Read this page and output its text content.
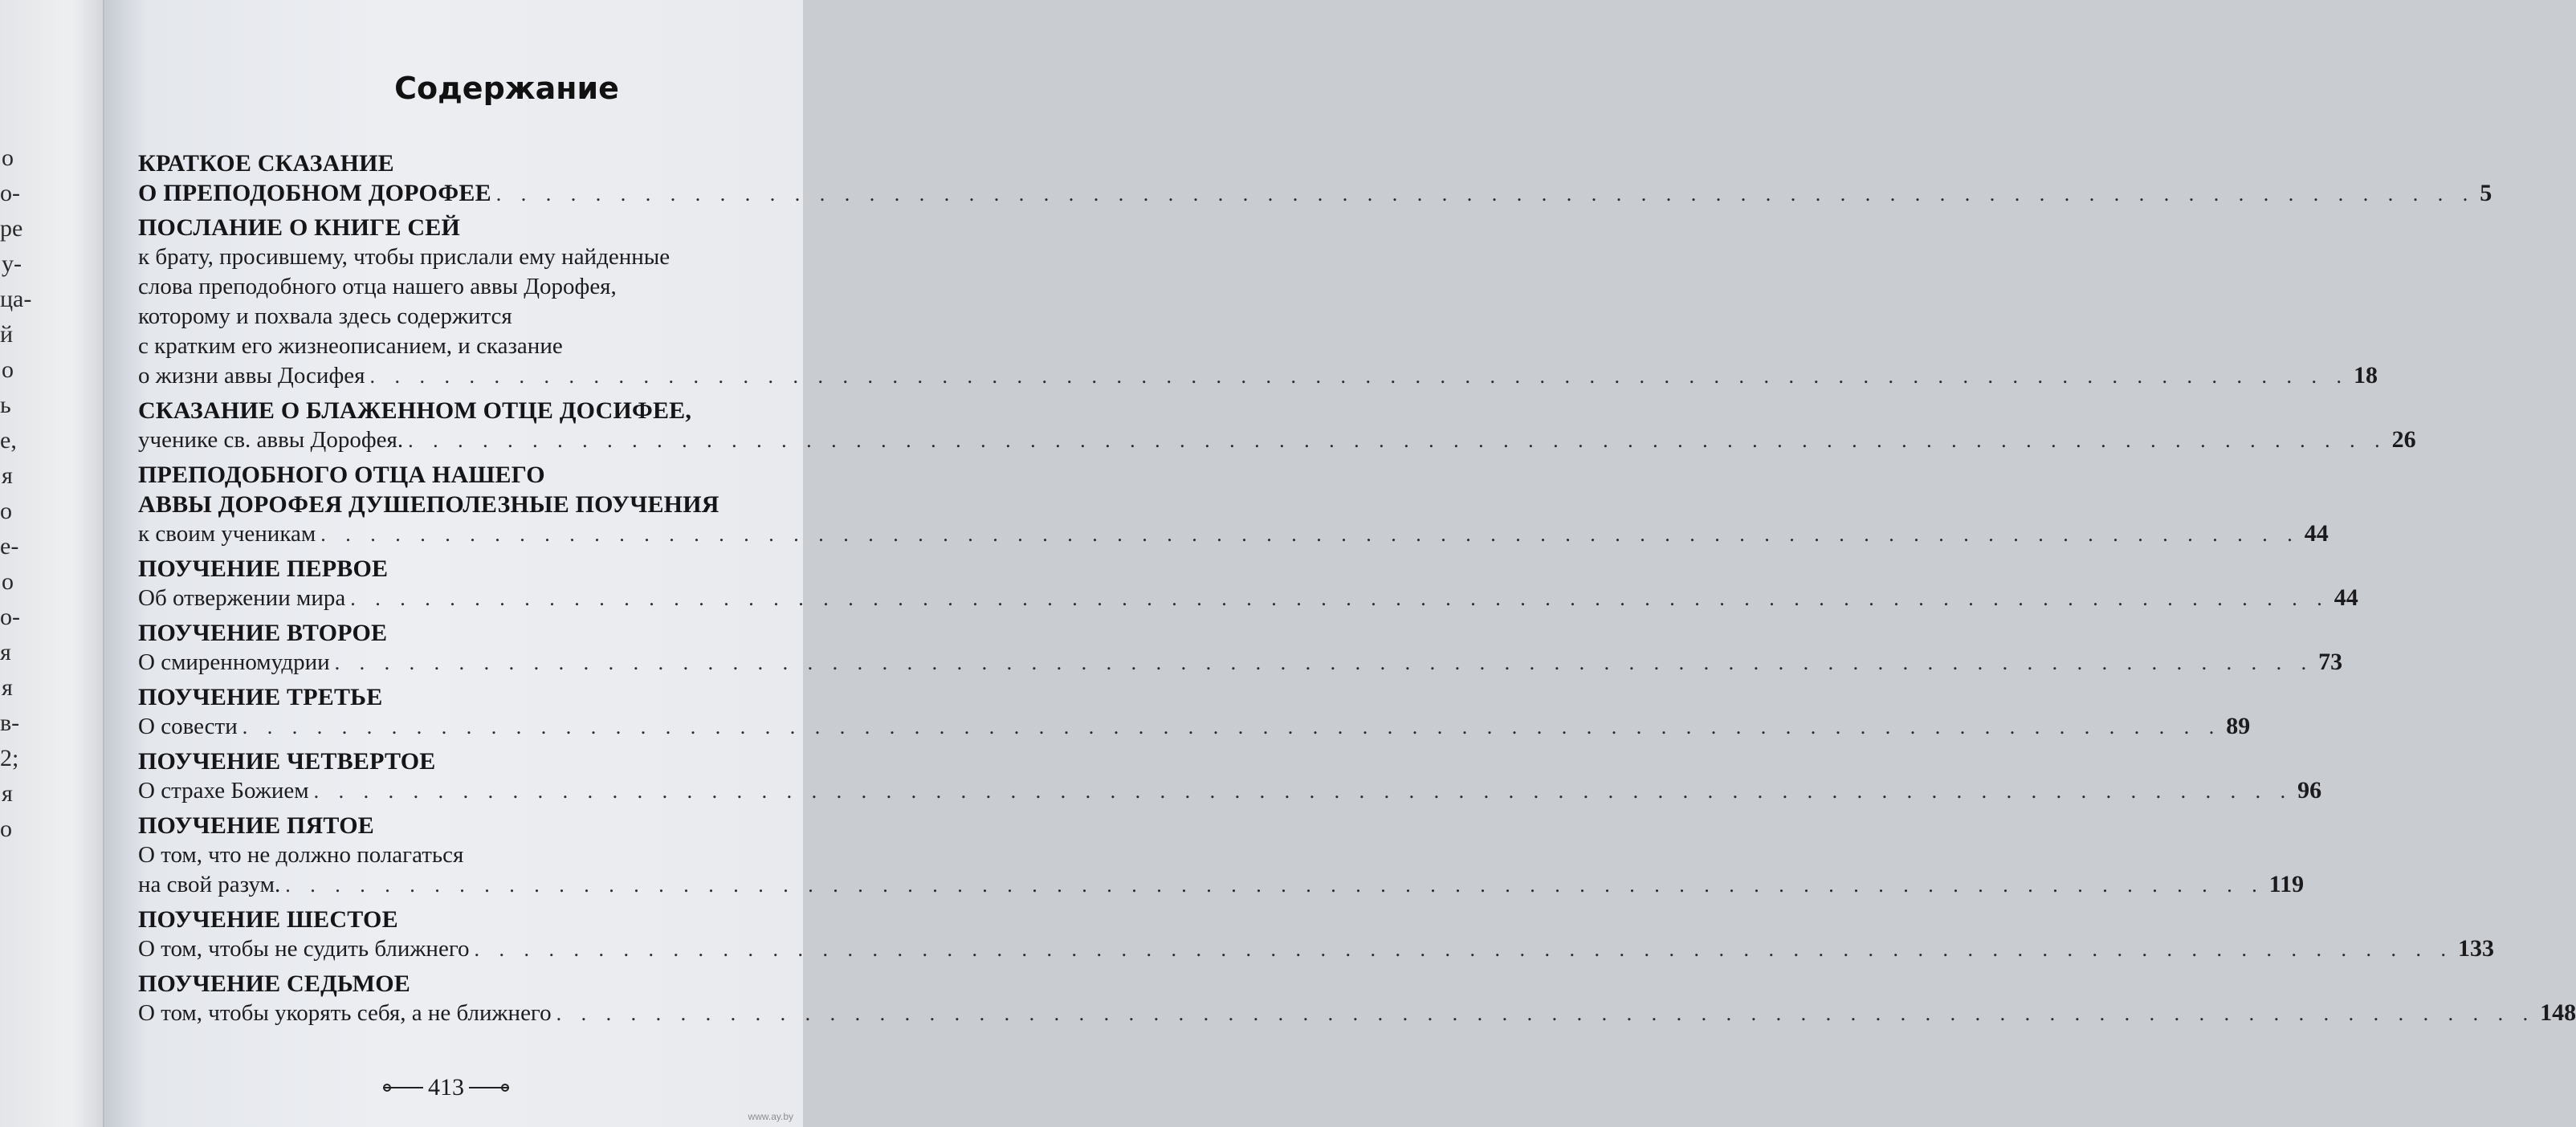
о
о-
ре
у-
ца-
й
о
ь
е,
я
о
е-
о
о-
я
я
в-
2;
я
о
Содержание
КРАТКОЕ СКАЗАНИЕ
О ПРЕПОДОБНОМ ДОРОФЕЕ . . . . . . . . . . . . . . . . . . . . . . . . . . . . . . . . . . . . . . . . . . . . . . . . . . . . . . . . . . . . . . . . . . . . . . . . . . . . . . . . 5
ПОСЛАНИЕ О КНИГЕ СЕЙ
к брату, просившему, чтобы прислали ему найденные
слова преподобного отца нашего аввы Дорофея,
которому и похвала здесь содержится
с кратким его жизнеописанием, и сказание
о жизни аввы Досифея . . . . . . . . . . . . . . . . . . . . . . . . . . . . . . . . . . . . . . . . . . . . . . . . . . . . . . . . . . . . . . . . . . . . . . . . . . . . . . . . 18
СКАЗАНИЕ О БЛАЖЕННОМ ОТЦЕ ДОСИФЕЕ,
ученике св. аввы Дорофея. . . . . . . . . . . . . . . . . . . . . . . . . . . . . . . . . . . . . . . . . . . . . . . . . . . . . . . . . . . . . . . . . . . . . . . . . . . . . . . . . 26
ПРЕПОДОБНОГО ОТЦА НАШЕГО
АВВЫ ДОРОФЕЯ ДУШЕПОЛЕЗНЫЕ ПОУЧЕНИЯ
к своим ученикам . . . . . . . . . . . . . . . . . . . . . . . . . . . . . . . . . . . . . . . . . . . . . . . . . . . . . . . . . . . . . . . . . . . . . . . . . . . . . . . . 44
ПОУЧЕНИЕ ПЕРВОЕ
Об отвержении мира . . . . . . . . . . . . . . . . . . . . . . . . . . . . . . . . . . . . . . . . . . . . . . . . . . . . . . . . . . . . . . . . . . . . . . . . . . . . . . . . 44
ПОУЧЕНИЕ ВТОРОЕ
О смиренномудрии . . . . . . . . . . . . . . . . . . . . . . . . . . . . . . . . . . . . . . . . . . . . . . . . . . . . . . . . . . . . . . . . . . . . . . . . . . . . . . . . 73
ПОУЧЕНИЕ ТРЕТЬЕ
О совести . . . . . . . . . . . . . . . . . . . . . . . . . . . . . . . . . . . . . . . . . . . . . . . . . . . . . . . . . . . . . . . . . . . . . . . . . . . . . . . . 89
ПОУЧЕНИЕ ЧЕТВЕРТОЕ
О страхе Божием . . . . . . . . . . . . . . . . . . . . . . . . . . . . . . . . . . . . . . . . . . . . . . . . . . . . . . . . . . . . . . . . . . . . . . . . . . . . . . . . 96
ПОУЧЕНИЕ ПЯТОЕ
О том, что не должно полагаться
на свой разум. . . . . . . . . . . . . . . . . . . . . . . . . . . . . . . . . . . . . . . . . . . . . . . . . . . . . . . . . . . . . . . . . . . . . . . . . . . . . . . . . 119
ПОУЧЕНИЕ ШЕСТОЕ
О том, чтобы не судить ближнего . . . . . . . . . . . . . . . . . . . . . . . . . . . . . . . . . . . . . . . . . . . . . . . . . . . . . . . . . . . . . . . . . . . . . . . . . . . . . . . . 133
ПОУЧЕНИЕ СЕДЬМОЕ
О том, чтобы укорять себя, а не ближнего . . . . . . . . . . . . . . . . . . . . . . . . . . . . . . . . . . . . . . . . . . . . . . . . . . . . . . . . . . . . . . . . . . . . . . . . . . . . . . . . 148
413
www.ay.by
